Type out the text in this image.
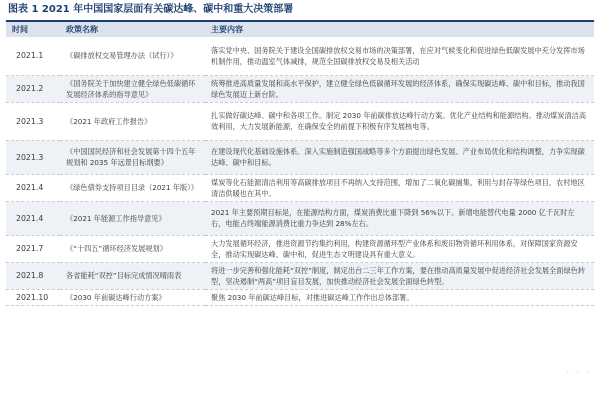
图表 1 2021 年中国国家层面有关碳达峰、碳中和重大决策部署
时间	政策名称	主要内容
2021.1	《碳排放权交易管理办法（试行）》	落实党中央、国务院关于建设全国碳排放权交易市场的决策部署，在应对气候变化和促进绿色低碳发展中充分发挥市场机制作用，推动温室气体减排，规范全国碳排放权交易及相关活动
2021.2	《国务院关于加快建立健全绿色低碳循环发展经济体系的指导意见》	统筹推进高质量发展和高水平保护，建立健全绿色低碳循环发展的经济体系，确保实现碳达峰、碳中和目标，推动我国绿色发展迈上新台阶。
2021.3	《2021 年政府工作报告》	扎实做好碳达峰、碳中和各项工作。制定 2030 年前碳排放达峰行动方案。优化产业结构和能源结构。推动煤炭清洁高效利用，大力发展新能源，在确保安全的前提下积极有序发展核电等。
2021.3	《中国国民经济和社会发展第十四个五年规划和 2035 年远景目标纲要》	在建设现代化基础设施体系、深入实施制造强国战略等多个方面提出绿色发展、产业布局优化和结构调整，力争实现碳达峰、碳中和目标。
2021.4	《绿色债券支持项目目录（2021 年版）》	煤炭等化石能源清洁利用等高碳排放项目不再纳入支持范围，增加了二氧化碳捕集、利用与封存等绿色项目，农村地区清洁供暖也在其中。
2021.4	《2021 年能源工作指导意见》	2021 年主要预期目标是，在能源结构方面，煤炭消费比重下降到 56%以下。新增电能替代电量 2000 亿千瓦时左右，电能占终端能源消费比重力争达到 28%左右。
2021.7	《“十四五”循环经济发展规划》	大力发展循环经济，推进资源节约集约利用，构建资源循环型产业体系和废旧物资循环利用体系，对保障国家资源安全，推动实现碳达峰、碳中和，促进生态文明建设具有重大意义。
2021.8	各省能耗“双控”目标完成情况晴雨表	将进一步完善和强化能耗“双控”制度，制定出台二三年工作方案，要在推动高质量发展中促进经济社会发展全面绿色转型，坚决遏制“两高”项目盲目发展，加快推动经济社会发展全面绿色转型。
2021.10	《2030 年前碳达峰行动方案》	聚焦 2030 年前碳达峰目标，对推进碳达峰工作作出总体部署。
· · ·
